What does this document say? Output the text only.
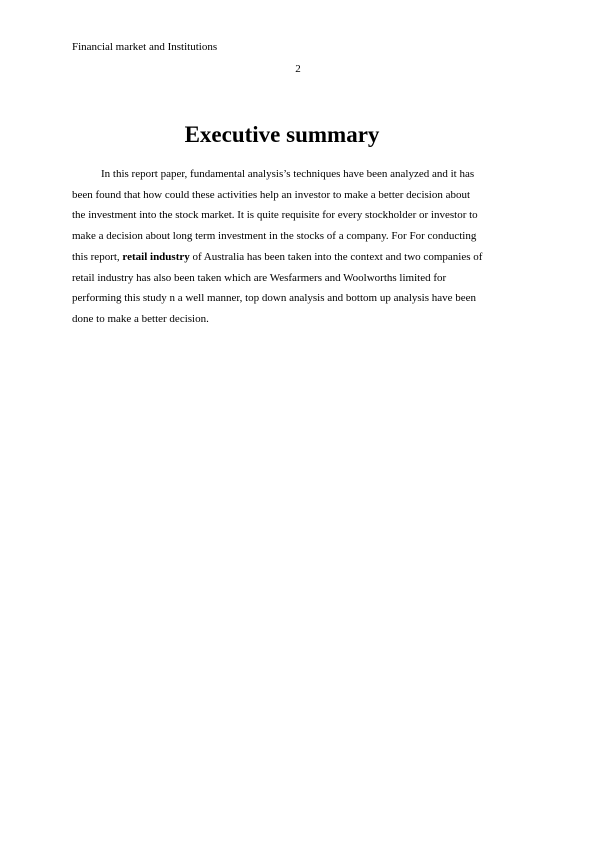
Financial market and Institutions
2
Executive summary
In this report paper, fundamental analysis’s techniques have been analyzed and it has
been found that how could these activities help an investor to make a better decision about
the investment into the stock market. It is quite requisite for every stockholder or investor to
make a decision about long term investment in the stocks of a company. For For conducting
this report, retail industry of Australia has been taken into the context and two companies of
retail industry has also been taken which are Wesfarmers and Woolworths limited for
performing this study n a well manner, top down analysis and bottom up analysis have been
done to make a better decision.
